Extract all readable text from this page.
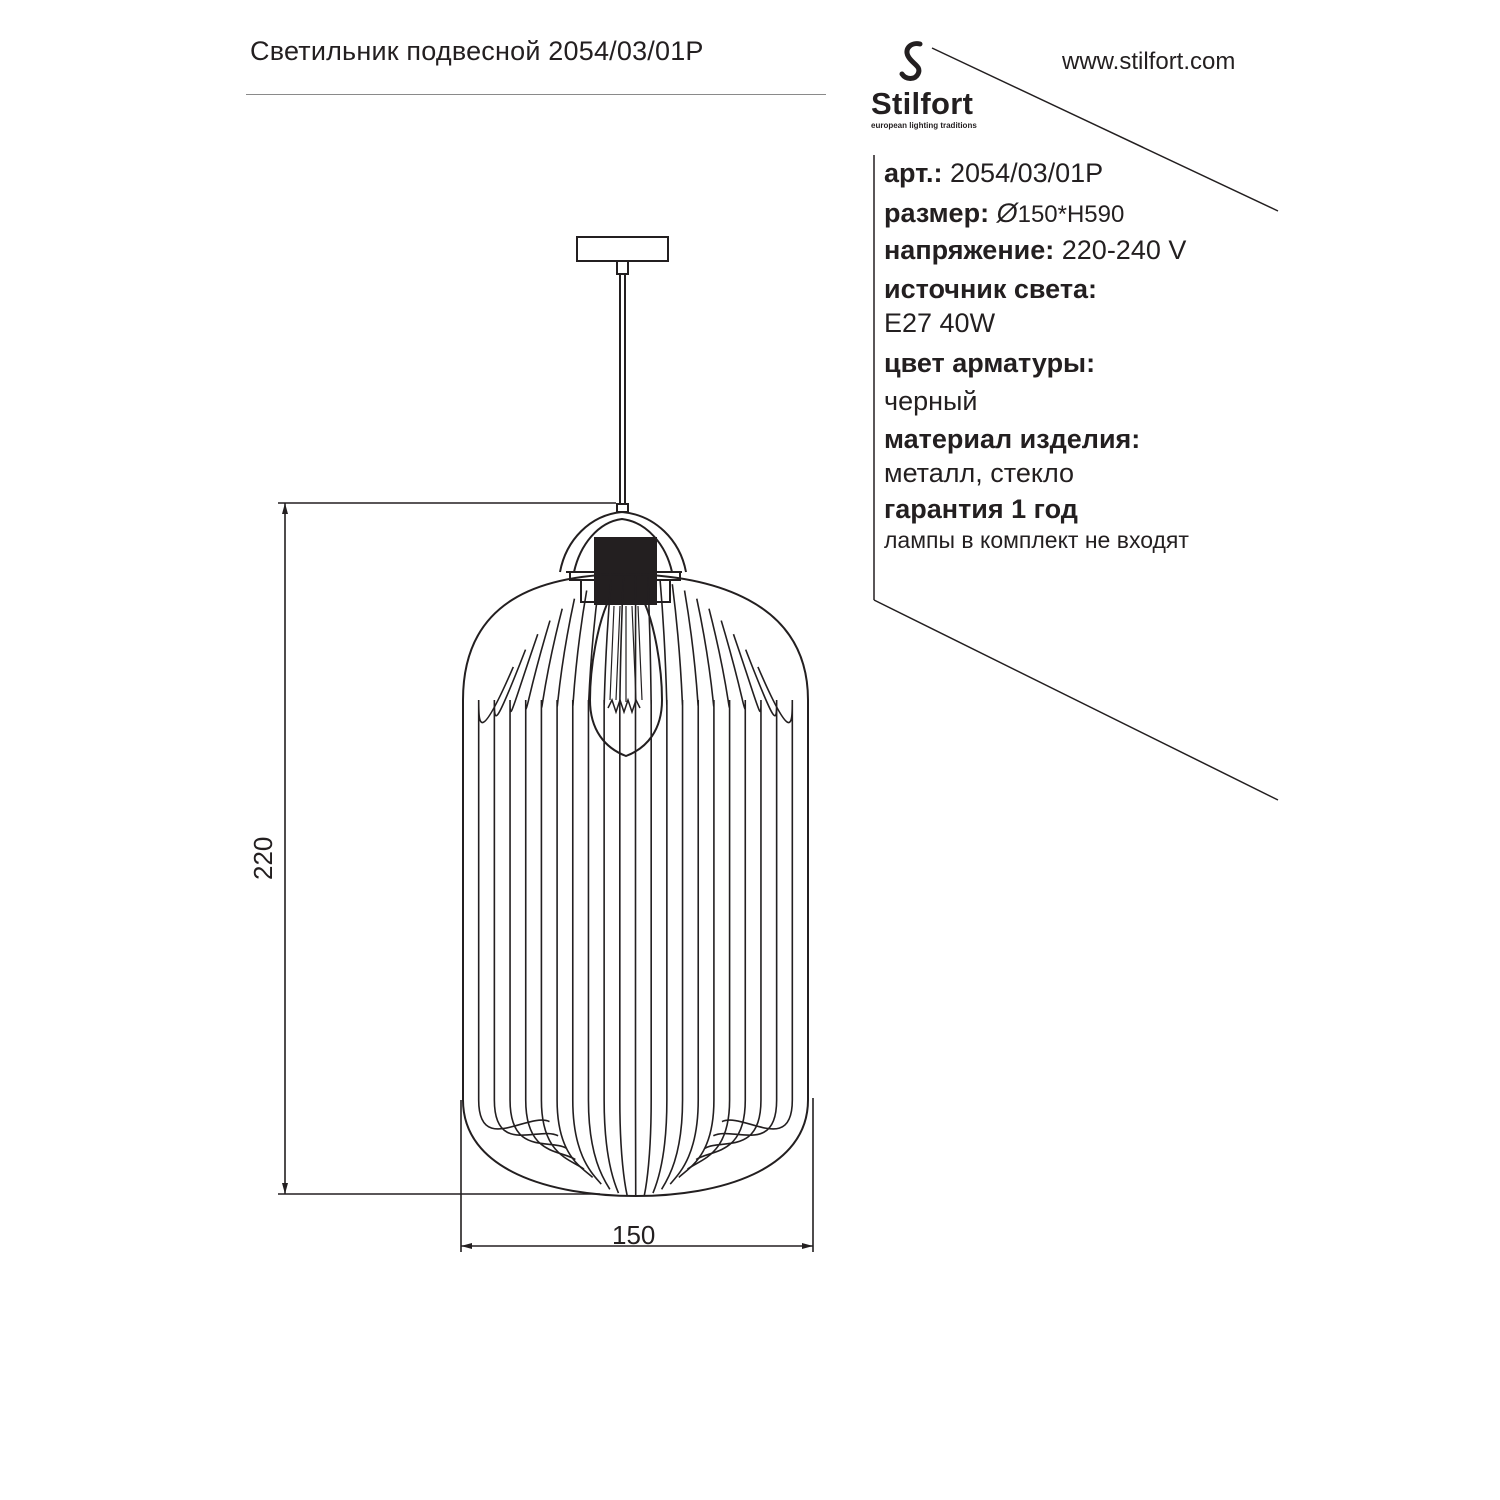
Светильник подвесной 2054/03/01P
Stilfort
european lighting traditions
www.stilfort.com
арт.: 2054/03/01P
размер: Ø150*H590
напряжение: 220-240 V
источник света:
E27 40W
цвет арматуры:
черный
материал изделия:
металл, стекло
гарантия 1 год
лампы в комплект не входят
220
150
